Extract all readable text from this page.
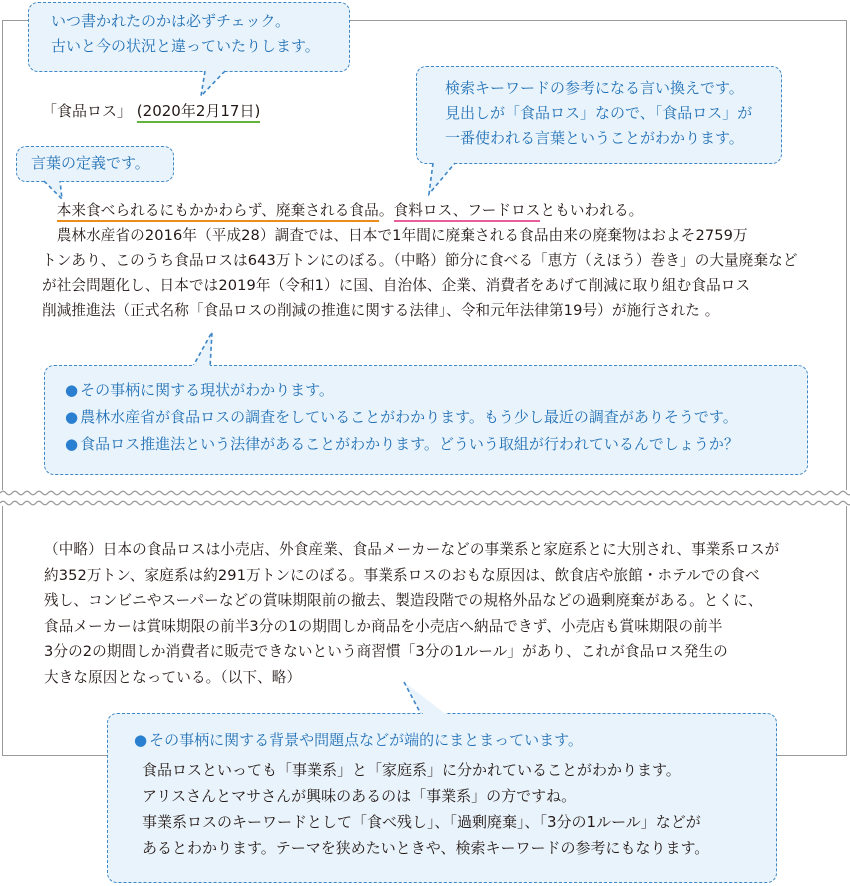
いつ書かれたのかは必ずチェック。
古いと今の状況と違っていたりします。
検索キーワードの参考になる言い換えです。
見出しが「食品ロス」なので、「食品ロス」が
一番使われる言葉ということがわかります。
「食品ロス」 (2020年2月17日)
言葉の定義です。
　本来食べられるにもかかわらず、廃棄される食品。食料ロス、フードロスともいわれる。
　農林水産省の2016年（平成28）調査では、日本で1年間に廃棄される食品由来の廃棄物はおよそ2759万
トンあり、このうち食品ロスは643万トンにのぼる。（中略）節分に食べる「恵方（えほう）巻き」の大量廃棄など
が社会問題化し、日本では2019年（令和1）に国、自治体、企業、消費者をあげて削減に取り組む食品ロス
削減推進法（正式名称「食品ロスの削減の推進に関する法律」、令和元年法律第19号）が施行された 。
● その事柄に関する現状がわかります。
● 農林水産省が食品ロスの調査をしていることがわかります。もう少し最近の調査がありそうです。
● 食品ロス推進法という法律があることがわかります。どういう取組が行われているんでしょうか？
（中略）日本の食品ロスは小売店、外食産業、食品メーカーなどの事業系と家庭系とに大別され、事業系ロスが
約352万トン、家庭系は約291万トンにのぼる。事業系ロスのおもな原因は、飲食店や旅館・ホテルでの食べ
残し、コンビニやスーパーなどの賞味期限前の撤去、製造段階での規格外品などの過剰廃棄がある。とくに、
食品メーカーは賞味期限の前半3分の1の期間しか商品を小売店へ納品できず、小売店も賞味期限の前半
3分の2の期間しか消費者に販売できないという商習慣「3分の1ルール」があり、これが食品ロス発生の
大きな原因となっている。（以下、略）
● その事柄に関する背景や問題点などが端的にまとまっています。
食品ロスといっても「事業系」と「家庭系」に分かれていることがわかります。
アリスさんとマサさんが興味のあるのは「事業系」の方ですね。
事業系ロスのキーワードとして「食べ残し」、「過剰廃棄」、「3分の1ルール」などが
あるとわかります。テーマを狭めたいときや、検索キーワードの参考にもなります。
